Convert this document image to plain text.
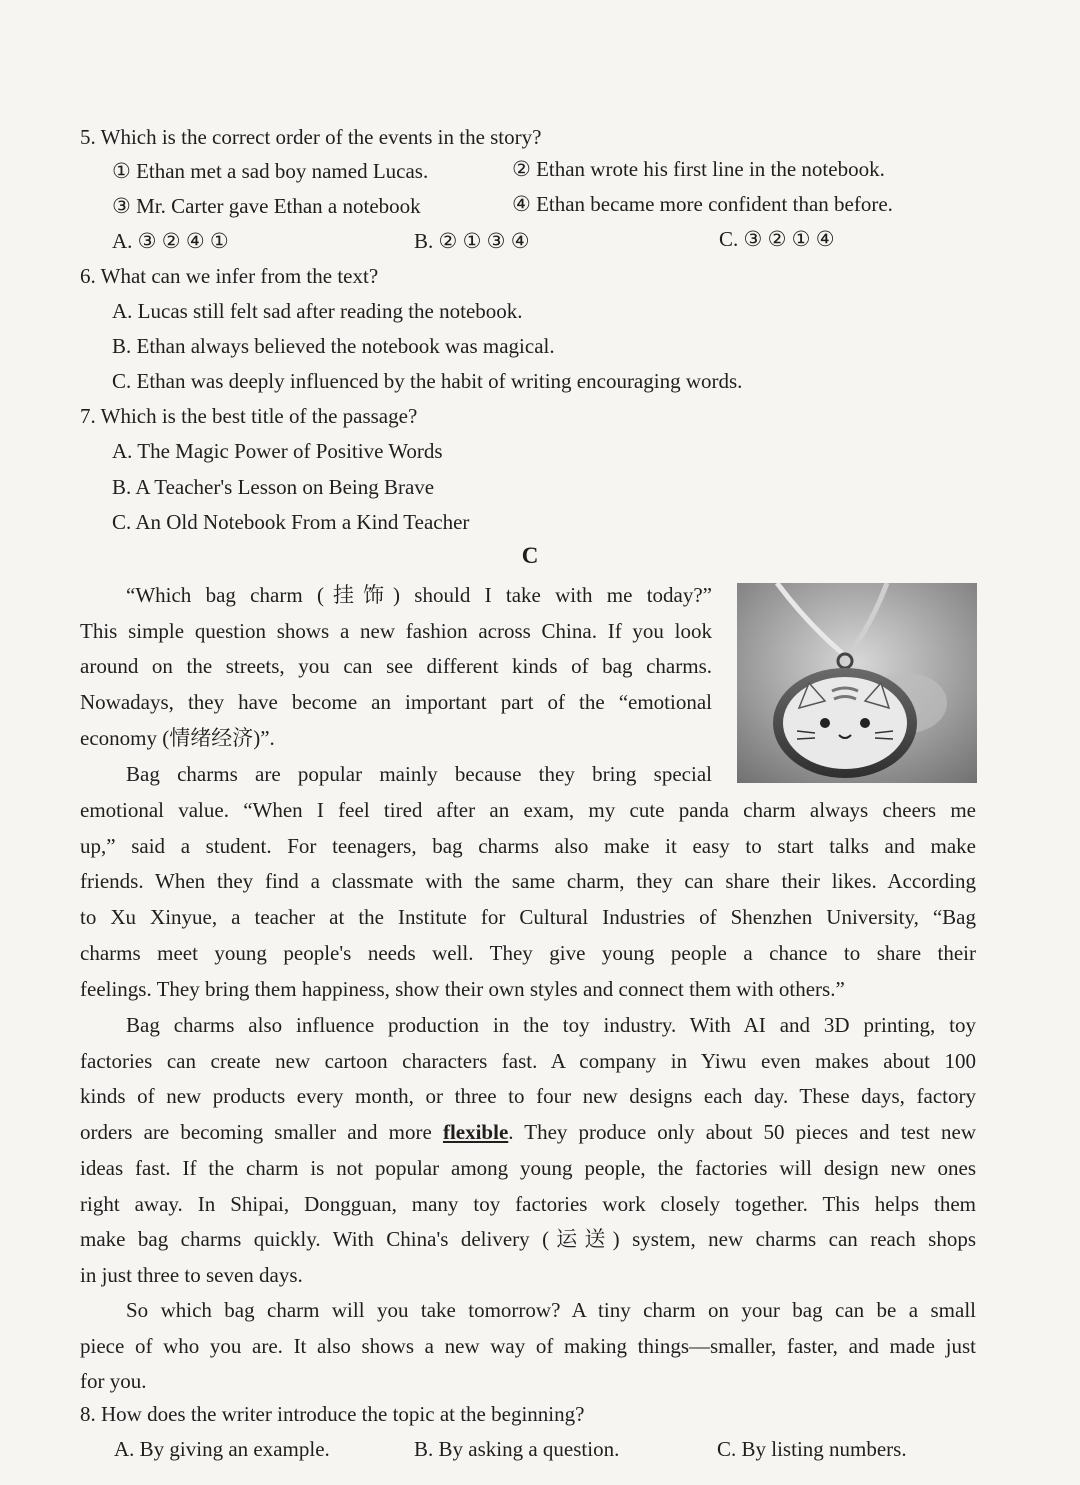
5. Which is the correct order of the events in the story?
① Ethan met a sad boy named Lucas.	② Ethan wrote his first line in the notebook.
③ Mr. Carter gave Ethan a notebook	④ Ethan became more confident than before.
A. ③ ② ④ ①	B. ② ① ③ ④	C. ③ ② ① ④
6. What can we infer from the text?
A. Lucas still felt sad after reading the notebook.
B. Ethan always believed the notebook was magical.
C. Ethan was deeply influenced by the habit of writing encouraging words.
7. Which is the best title of the passage?
A. The Magic Power of Positive Words
B. A Teacher's Lesson on Being Brave
C. An Old Notebook From a Kind Teacher
C
“Which bag charm (挂饰) should I take with me today?”
This simple question shows a new fashion across China. If you look
around on the streets, you can see different kinds of bag charms.
Nowadays, they have become an important part of the “emotional
economy (情绪经济)”.
Bag charms are popular mainly because they bring special
emotional value. “When I feel tired after an exam, my cute panda charm always cheers me
up,” said a student. For teenagers, bag charms also make it easy to start talks and make
friends. When they find a classmate with the same charm, they can share their likes. According
to Xu Xinyue, a teacher at the Institute for Cultural Industries of Shenzhen University, “Bag
charms meet young people's needs well. They give young people a chance to share their
feelings. They bring them happiness, show their own styles and connect them with others.”
Bag charms also influence production in the toy industry. With AI and 3D printing, toy
factories can create new cartoon characters fast. A company in Yiwu even makes about 100
kinds of new products every month, or three to four new designs each day. These days, factory
orders are becoming smaller and more flexible. They produce only about 50 pieces and test new
ideas fast. If the charm is not popular among young people, the factories will design new ones
right away. In Shipai, Dongguan, many toy factories work closely together. This helps them
make bag charms quickly. With China's delivery (运送) system, new charms can reach shops
in just three to seven days.
So which bag charm will you take tomorrow? A tiny charm on your bag can be a small
piece of who you are. It also shows a new way of making things—smaller, faster, and made just
for you.
8. How does the writer introduce the topic at the beginning?
A. By giving an example.	B. By asking a question.	C. By listing numbers.
